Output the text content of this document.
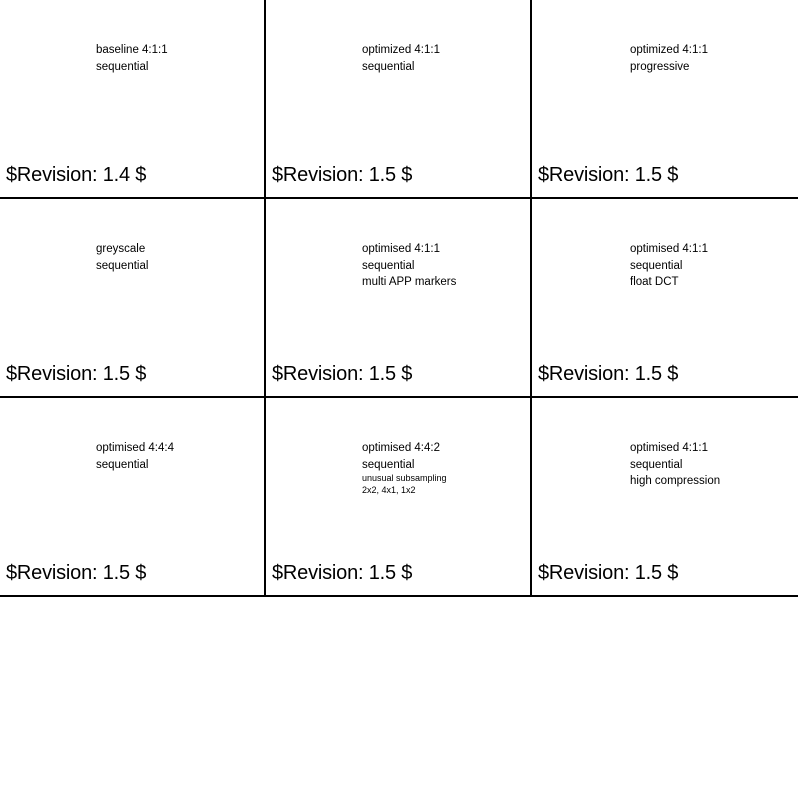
baseline 4:1:1
sequential
$Revision: 1.4 $
optimized 4:1:1
sequential
$Revision: 1.5 $
optimized 4:1:1
progressive
$Revision: 1.5 $
greyscale
sequential
$Revision: 1.5 $
optimised 4:1:1
sequential
multi APP markers
$Revision: 1.5 $
optimised 4:1:1
sequential
float DCT
$Revision: 1.5 $
optimised 4:4:4
sequential
$Revision: 1.5 $
optimised 4:4:2
sequential
unusual subsampling
2x2, 4x1, 1x2
$Revision: 1.5 $
optimised 4:1:1
sequential
high compression
$Revision: 1.5 $
